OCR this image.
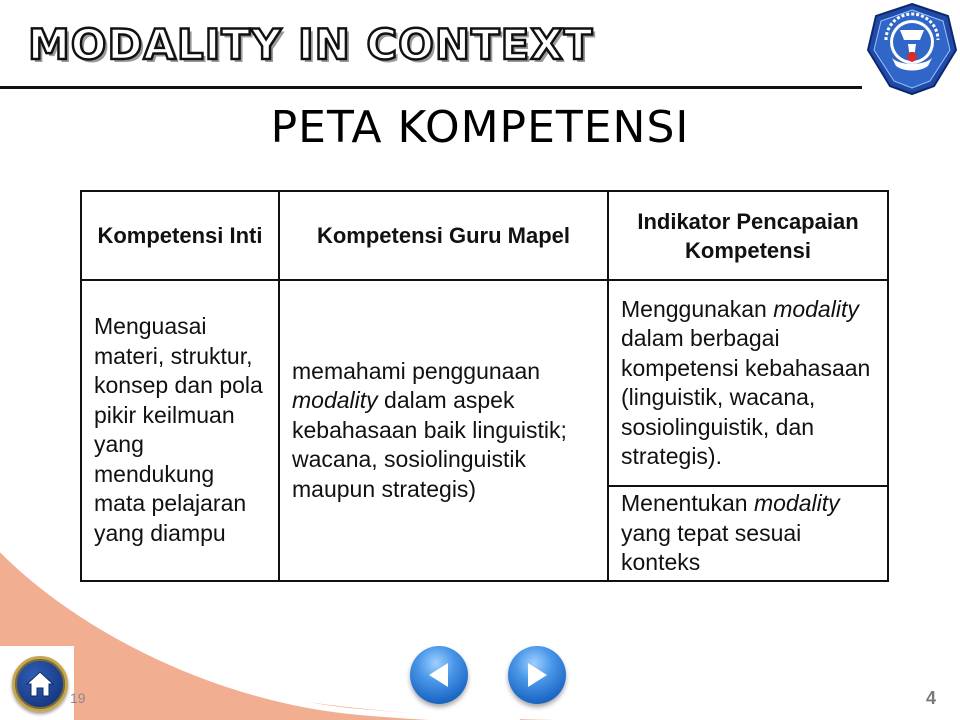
MODALITY IN CONTEXT
PETA KOMPETENSI
Kompetensi Inti	Kompetensi Guru Mapel	Indikator Pencapaian Kompetensi
Menguasai materi, struktur, konsep dan pola pikir keilmuan yang mendukung mata pelajaran yang diampu	memahami penggunaan modality dalam aspek kebahasaan baik linguistik; wacana, sosiolinguistik maupun strategis)	Menggunakan modality dalam berbagai kompetensi kebahasaan (linguistik, wacana, sosiolinguistik, dan strategis).
		Menentukan modality yang tepat sesuai konteks
19	4
